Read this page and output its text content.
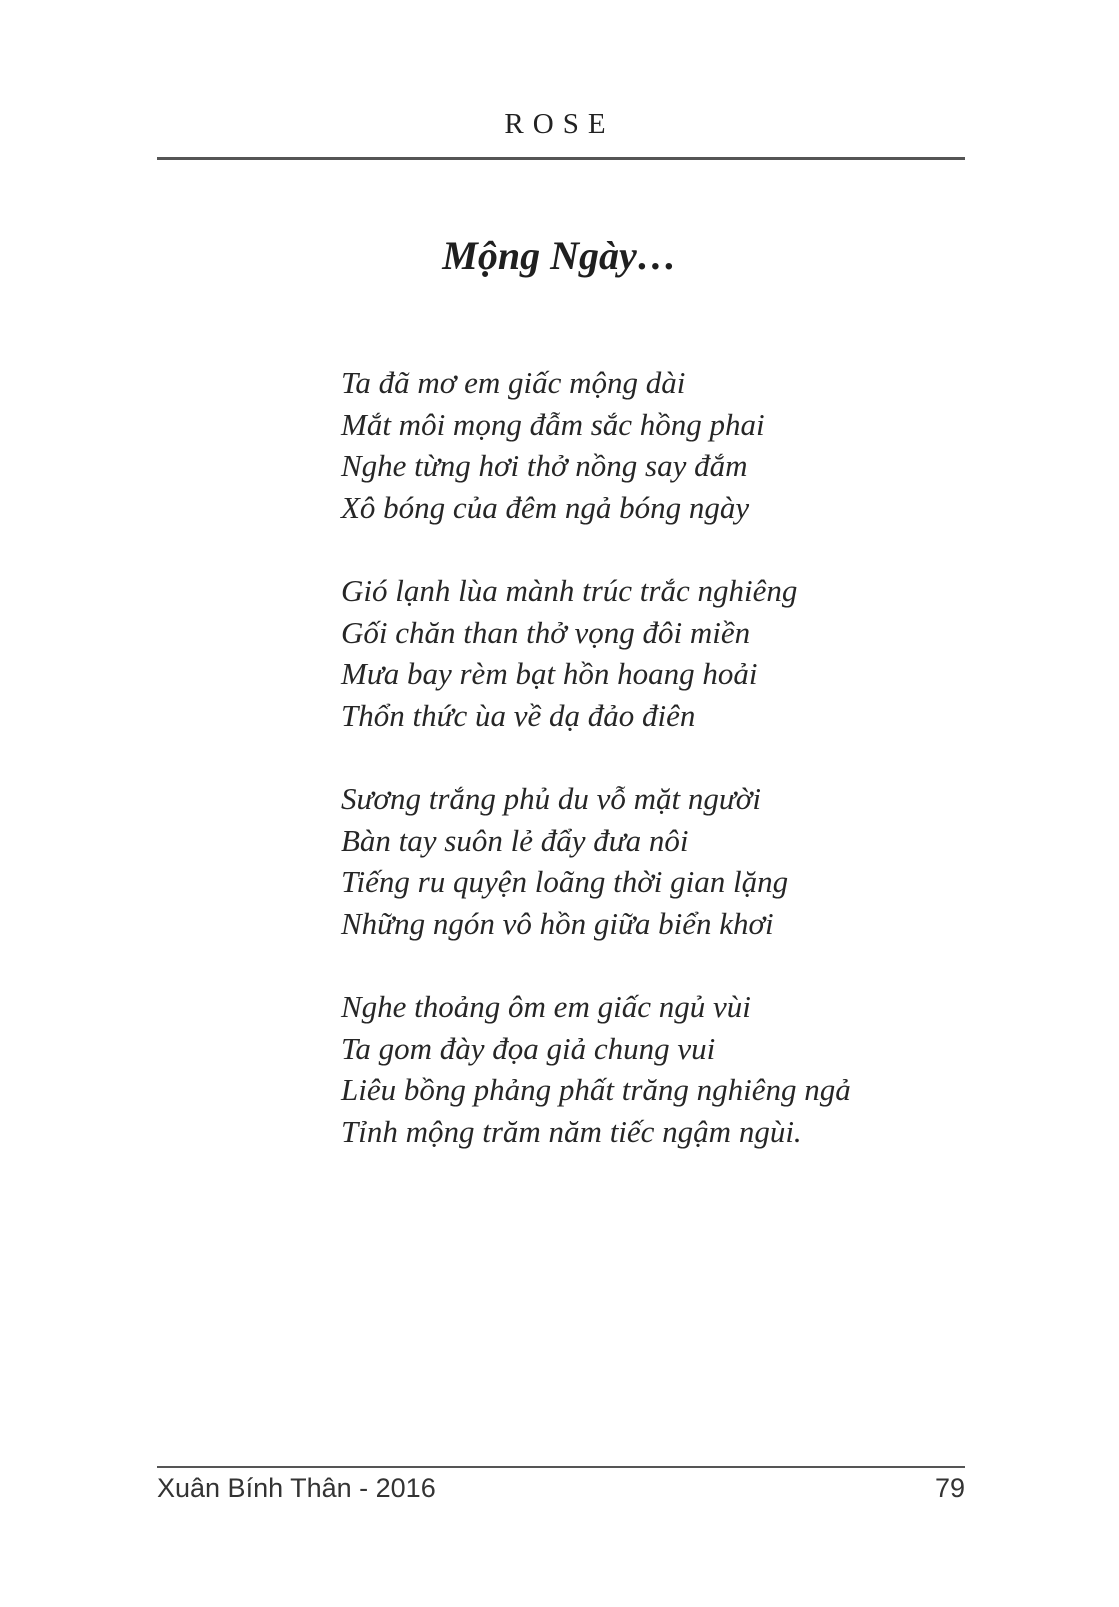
ROSE
Mộng Ngày…
Ta đã mơ em giấc mộng dài
Mắt môi mọng đẫm sắc hồng phai
Nghe từng hơi thở nồng say đắm
Xô bóng của đêm ngả bóng ngày
Gió lạnh lùa mành trúc trắc nghiêng
Gối chăn than thở vọng đôi miền
Mưa bay rèm bạt hồn hoang hoải
Thổn thức ùa về dạ đảo điên
Sương trắng phủ du vỗ mặt người
Bàn tay suôn lẻ đẩy đưa nôi
Tiếng ru quyện loãng thời gian lặng
Những ngón vô hồn giữa biển khơi
Nghe thoảng ôm em giấc ngủ vùi
Ta gom đày đọa giả chung vui
Liêu bồng phảng phất trăng nghiêng ngả
Tỉnh mộng trăm năm tiếc ngậm ngùi.
Xuân Bính Thân - 2016	79
